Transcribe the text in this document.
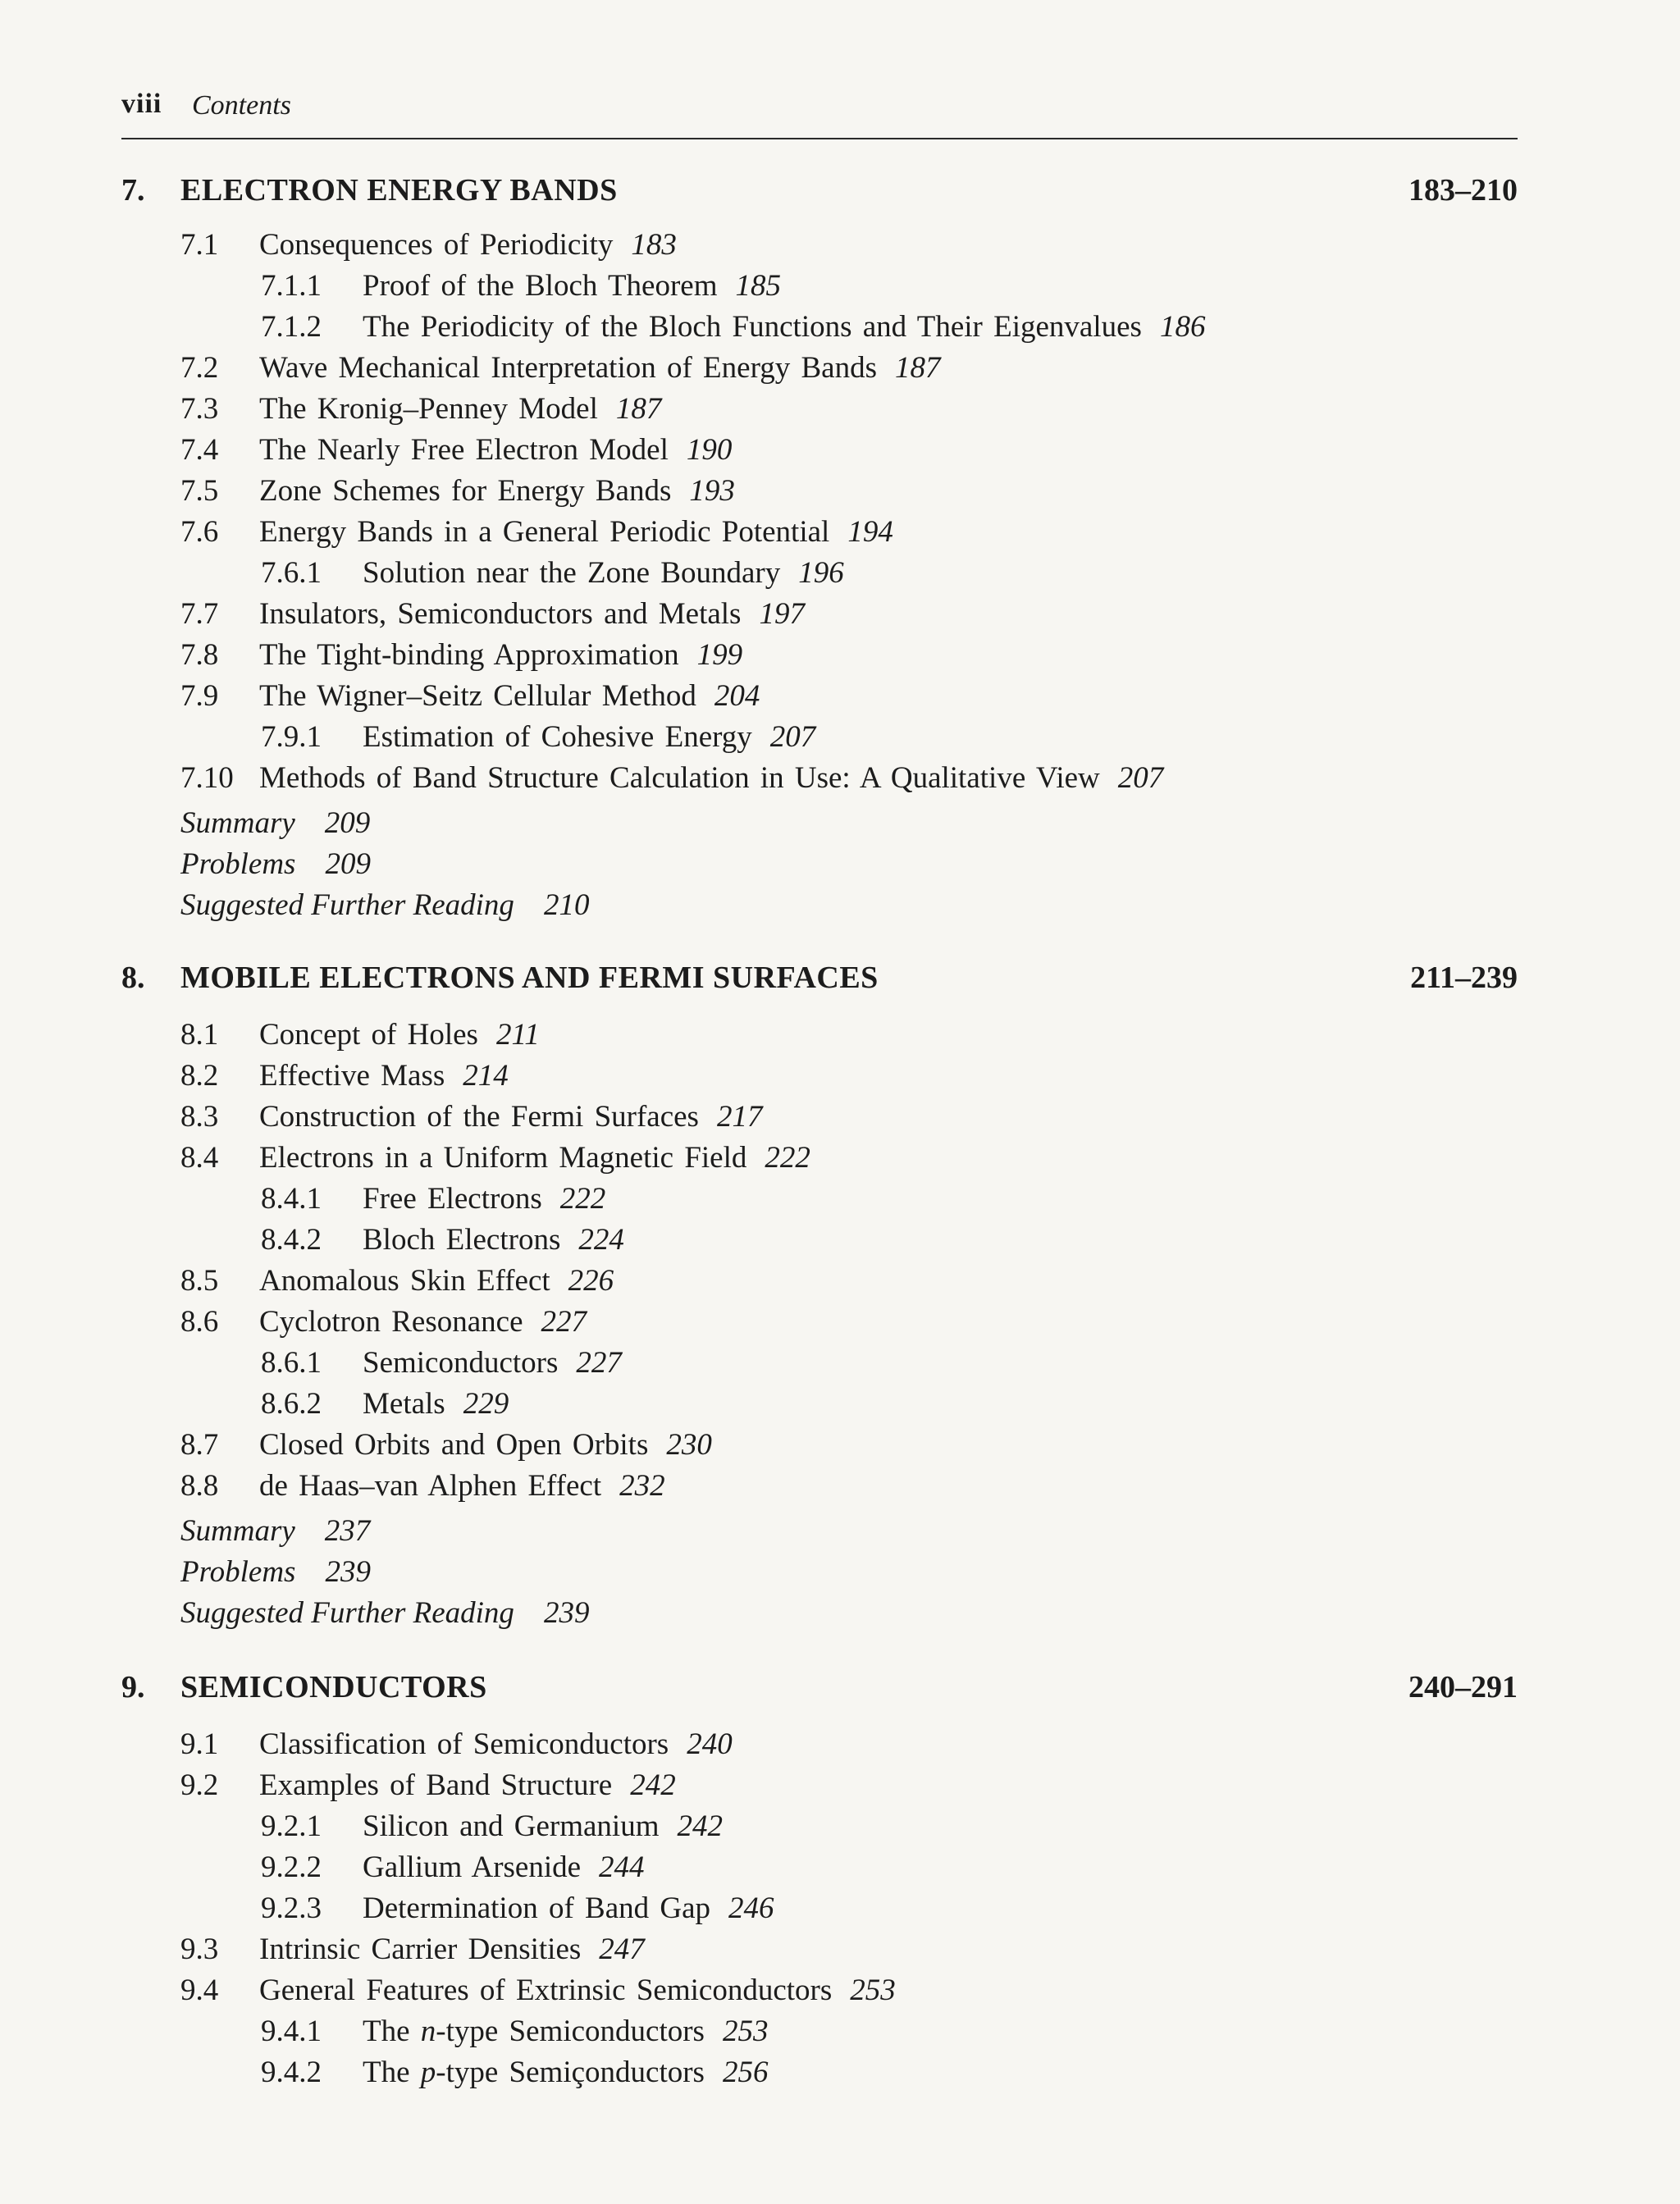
viii Contents
7. ELECTRON ENERGY BANDS	183–210
7.1 Consequences of Periodicity 183
7.1.1 Proof of the Bloch Theorem 185
7.1.2 The Periodicity of the Bloch Functions and Their Eigenvalues 186
7.2 Wave Mechanical Interpretation of Energy Bands 187
7.3 The Kronig–Penney Model 187
7.4 The Nearly Free Electron Model 190
7.5 Zone Schemes for Energy Bands 193
7.6 Energy Bands in a General Periodic Potential 194
7.6.1 Solution near the Zone Boundary 196
7.7 Insulators, Semiconductors and Metals 197
7.8 The Tight-binding Approximation 199
7.9 The Wigner–Seitz Cellular Method 204
7.9.1 Estimation of Cohesive Energy 207
7.10 Methods of Band Structure Calculation in Use: A Qualitative View 207
Summary 209
Problems 209
Suggested Further Reading 210
8. MOBILE ELECTRONS AND FERMI SURFACES	211–239
8.1 Concept of Holes 211
8.2 Effective Mass 214
8.3 Construction of the Fermi Surfaces 217
8.4 Electrons in a Uniform Magnetic Field 222
8.4.1 Free Electrons 222
8.4.2 Bloch Electrons 224
8.5 Anomalous Skin Effect 226
8.6 Cyclotron Resonance 227
8.6.1 Semiconductors 227
8.6.2 Metals 229
8.7 Closed Orbits and Open Orbits 230
8.8 de Haas–van Alphen Effect 232
Summary 237
Problems 239
Suggested Further Reading 239
9. SEMICONDUCTORS	240–291
9.1 Classification of Semiconductors 240
9.2 Examples of Band Structure 242
9.2.1 Silicon and Germanium 242
9.2.2 Gallium Arsenide 244
9.2.3 Determination of Band Gap 246
9.3 Intrinsic Carrier Densities 247
9.4 General Features of Extrinsic Semiconductors 253
9.4.1 The n-type Semiconductors 253
9.4.2 The p-type Semiçonductors 256
